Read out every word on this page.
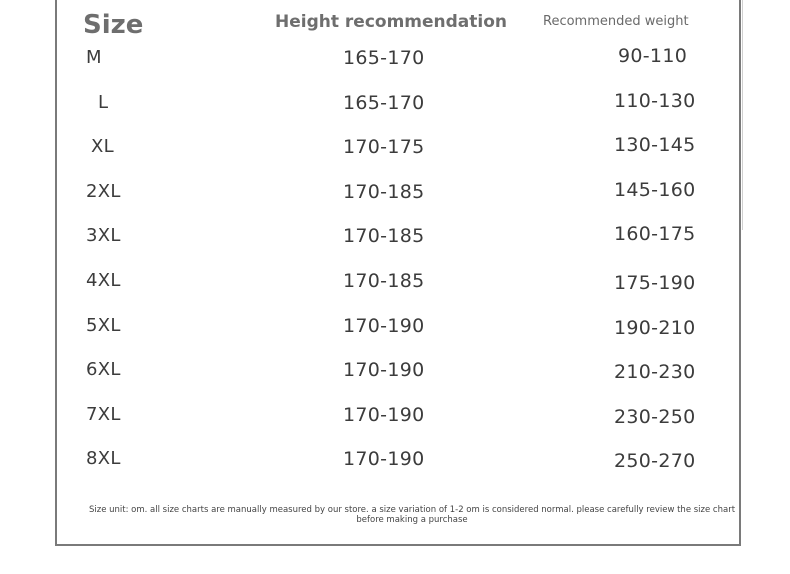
Size	Height recommendation	Recommended weight
M	165-170	90-110
L	165-170	110-130
XL	170-175	130-145
2XL	170-185	145-160
3XL	170-185	160-175
4XL	170-185	175-190
5XL	170-190	190-210
6XL	170-190	210-230
7XL	170-190	230-250
8XL	170-190	250-270
Size unit: om. all size charts are manually measured by our store. a size variation of 1-2 om is considered normal. please carefully review the size chart before making a purchase
